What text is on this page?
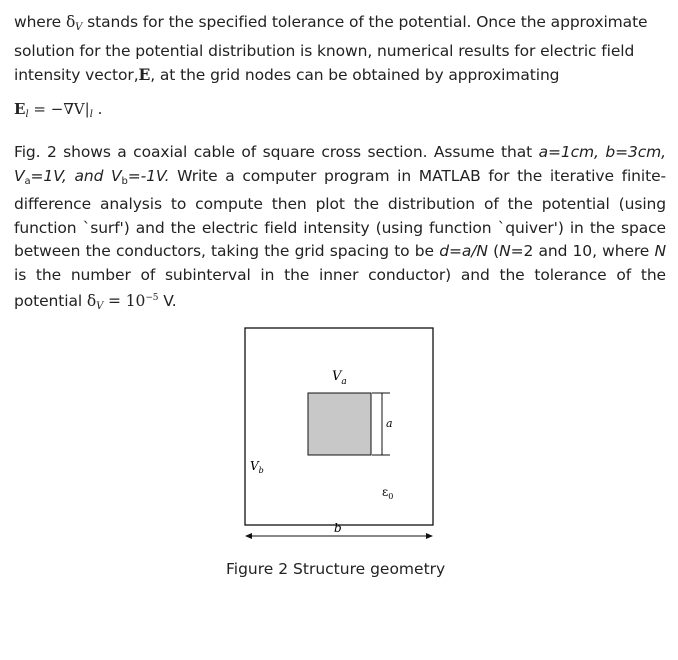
where $\delta_V$ stands for the specified tolerance of the potential. Once the approximate solution for the potential distribution is known, numerical results for electric field intensity vector,E, at the grid nodes can be obtained by approximating

$E_l = -\nabla V|_l$ .

Fig. 2 shows a coaxial cable of square cross section. Assume that a=1cm, b=3cm, $V_a=1V$, and $V_b=-1V$. Write a computer program in MATLAB for the iterative finite-difference analysis to compute then plot the distribution of the potential (using function `surf') and the electric field intensity (using function `quiver') in the space between the conductors, taking the grid spacing to be d=a/N (N=2 and 10, where N is the number of subinterval in the inner conductor) and the tolerance of the potential $\delta_V = 10^{-5}$ V.

$V_a$
$V_b$
a
b
$\varepsilon_0$
Figure 2 Structure geometry
